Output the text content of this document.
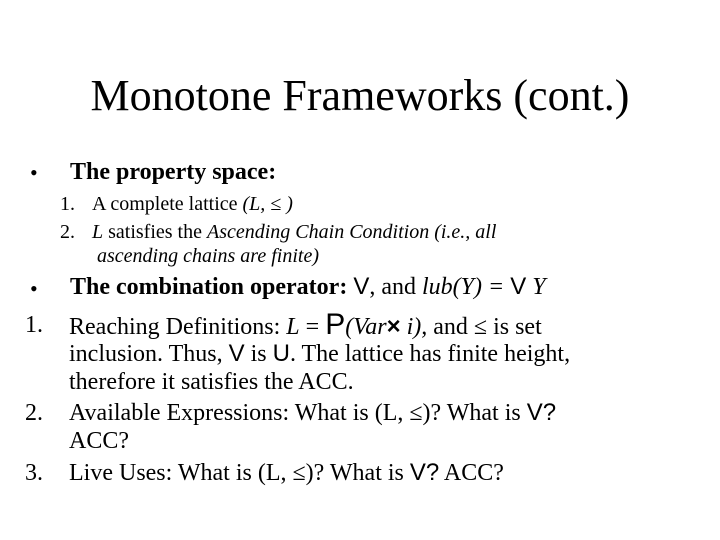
Monotone Frameworks (cont.)
• The property space:
1. A complete lattice (L, ≤ )
2. L satisfies the Ascending Chain Condition (i.e., all
ascending chains are finite)
• The combination operator: V, and lub(Y) = V Y
1. Reaching Definitions: L = P(Var× i), and ≤ is set
inclusion. Thus, V is U. The lattice has finite height,
therefore it satisfies the ACC.
2. Available Expressions: What is (L, ≤)? What is V?
ACC?
3. Live Uses: What is (L, ≤)? What is V? ACC?
